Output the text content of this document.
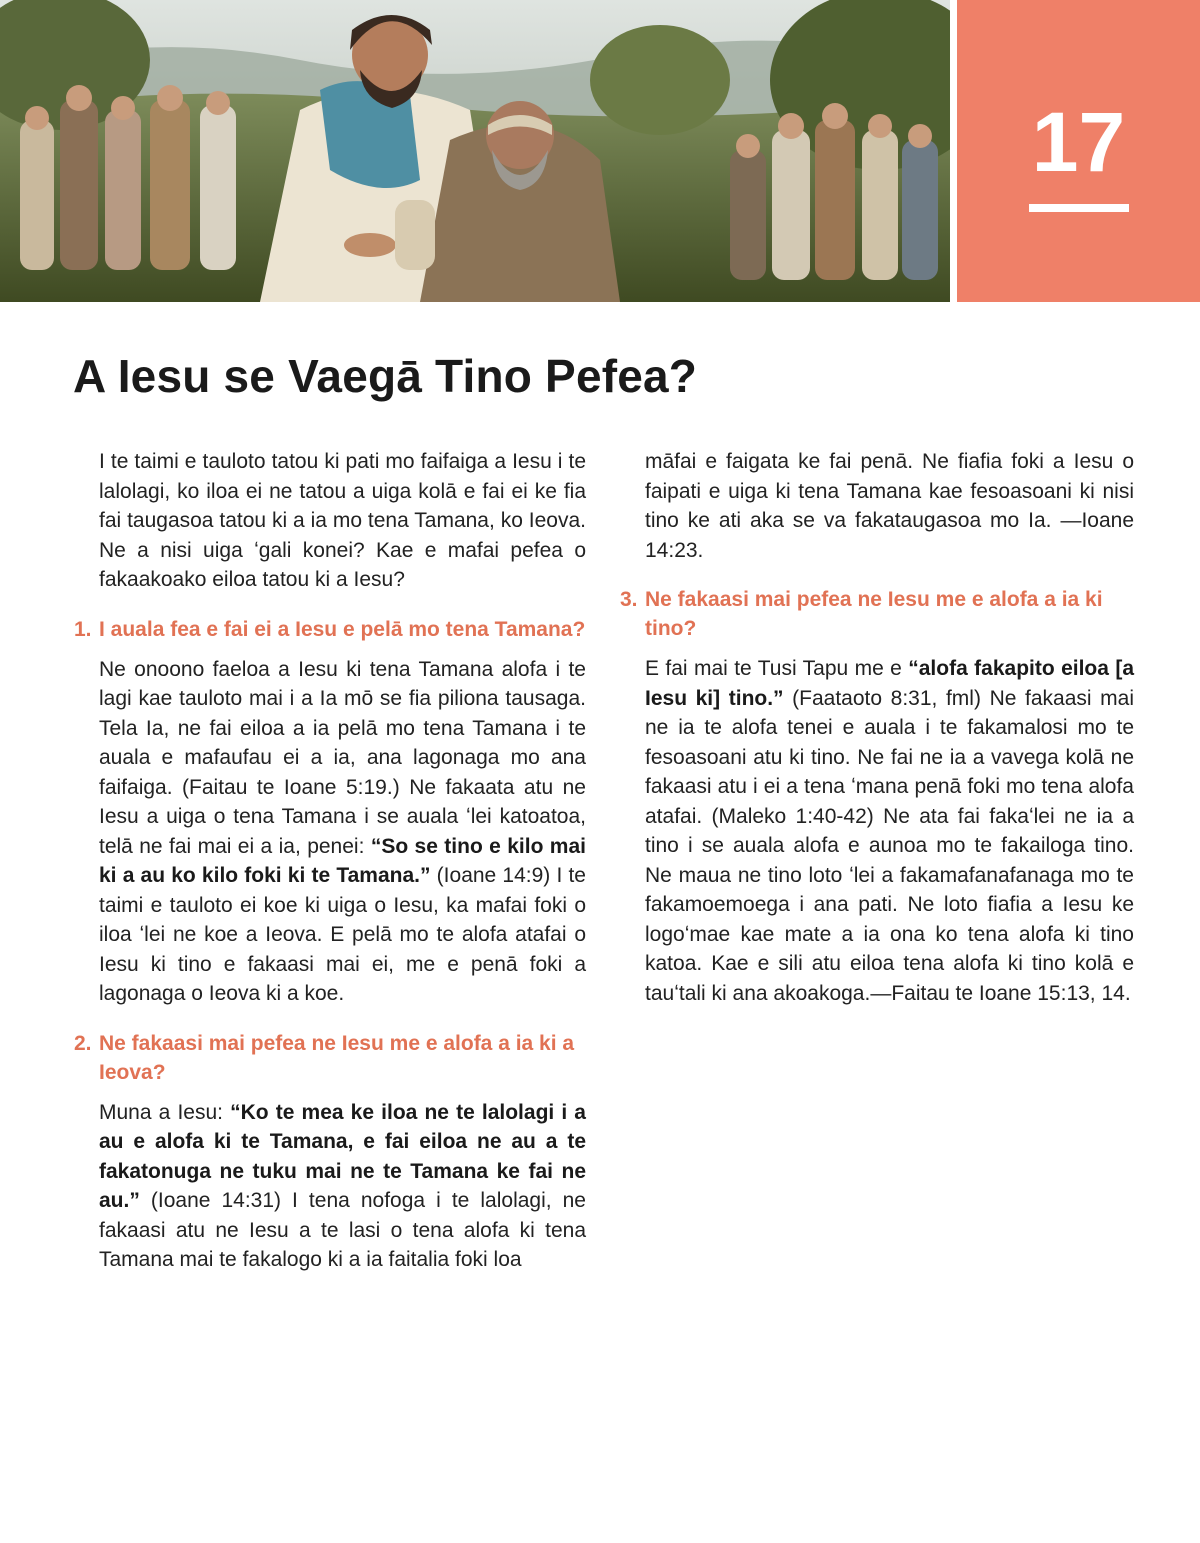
17
A Iesu se Vaegā Tino Pefea?

I te taimi e tauloto tatou ki pati mo faifaiga a Iesu i te lalolagi, ko iloa ei ne tatou a uiga kolā e fai ei ke fia fai taugasoa tatou ki a ia mo tena Tamana, ko Ieova. Ne a nisi uiga ʻgali konei? Kae e mafai pefea o fakaakoako eiloa tatou ki a Iesu?

1. I auala fea e fai ei a Iesu e pelā mo tena Tamana?

Ne onoono faeloa a Iesu ki tena Tamana alofa i te lagi kae tauloto mai i a Ia mō se fia piliona tausaga. Tela Ia, ne fai eiloa a ia pelā mo tena Tamana i te auala e mafaufau ei a ia, ana lagonaga mo ana faifaiga. (Faitau te Ioane 5:19.) Ne fakaata atu ne Iesu a uiga o tena Tamana i se auala ʻlei katoatoa, telā ne fai mai ei a ia, penei: “So se tino e kilo mai ki a au ko kilo foki ki te Tamana.” (Ioane 14:9) I te taimi e tauloto ei koe ki uiga o Iesu, ka mafai foki o iloa ʻlei ne koe a Ieova. E pelā mo te alofa atafai o Iesu ki tino e fakaasi mai ei, me e penā foki a lagonaga o Ieova ki a koe.

2. Ne fakaasi mai pefea ne Iesu me e alofa a ia ki a Ieova?

Muna a Iesu: “Ko te mea ke iloa ne te lalolagi i a au e alofa ki te Tamana, e fai eiloa ne au a te fakatonuga ne tuku mai ne te Tamana ke fai ne au.” (Ioane 14:31) I tena nofoga i te lalolagi, ne fakaasi atu ne Iesu a te lasi o tena alofa ki tena Tamana mai te fakalogo ki a ia faitalia foki loa

māfai e faigata ke fai penā. Ne fiafia foki a Iesu o faipati e uiga ki tena Tamana kae fesoasoani ki nisi tino ke ati aka se va fakataugasoa mo Ia. —Ioane 14:23.

3. Ne fakaasi mai pefea ne Iesu me e alofa a ia ki tino?

E fai mai te Tusi Tapu me e “alofa fakapito eiloa [a Iesu ki] tino.” (Faataoto 8:31, fml) Ne fakaasi mai ne ia te alofa tenei e auala i te fakamalosi mo te fesoasoani atu ki tino. Ne fai ne ia a vavega kolā ne fakaasi atu i ei a tena ʻmana penā foki mo tena alofa atafai. (Maleko 1:40-42) Ne ata fai fakaʻlei ne ia a tino i se auala alofa e aunoa mo te fakailoga tino. Ne maua ne tino loto ʻlei a fakamafanafanaga mo te fakamoemoega i ana pati. Ne loto fiafia a Iesu ke logoʻmae kae mate a ia ona ko tena alofa ki tino katoa. Kae e sili atu eiloa tena alofa ki tino kolā e tauʻtali ki ana akoakoga.—Faitau te Ioane 15:13, 14.
